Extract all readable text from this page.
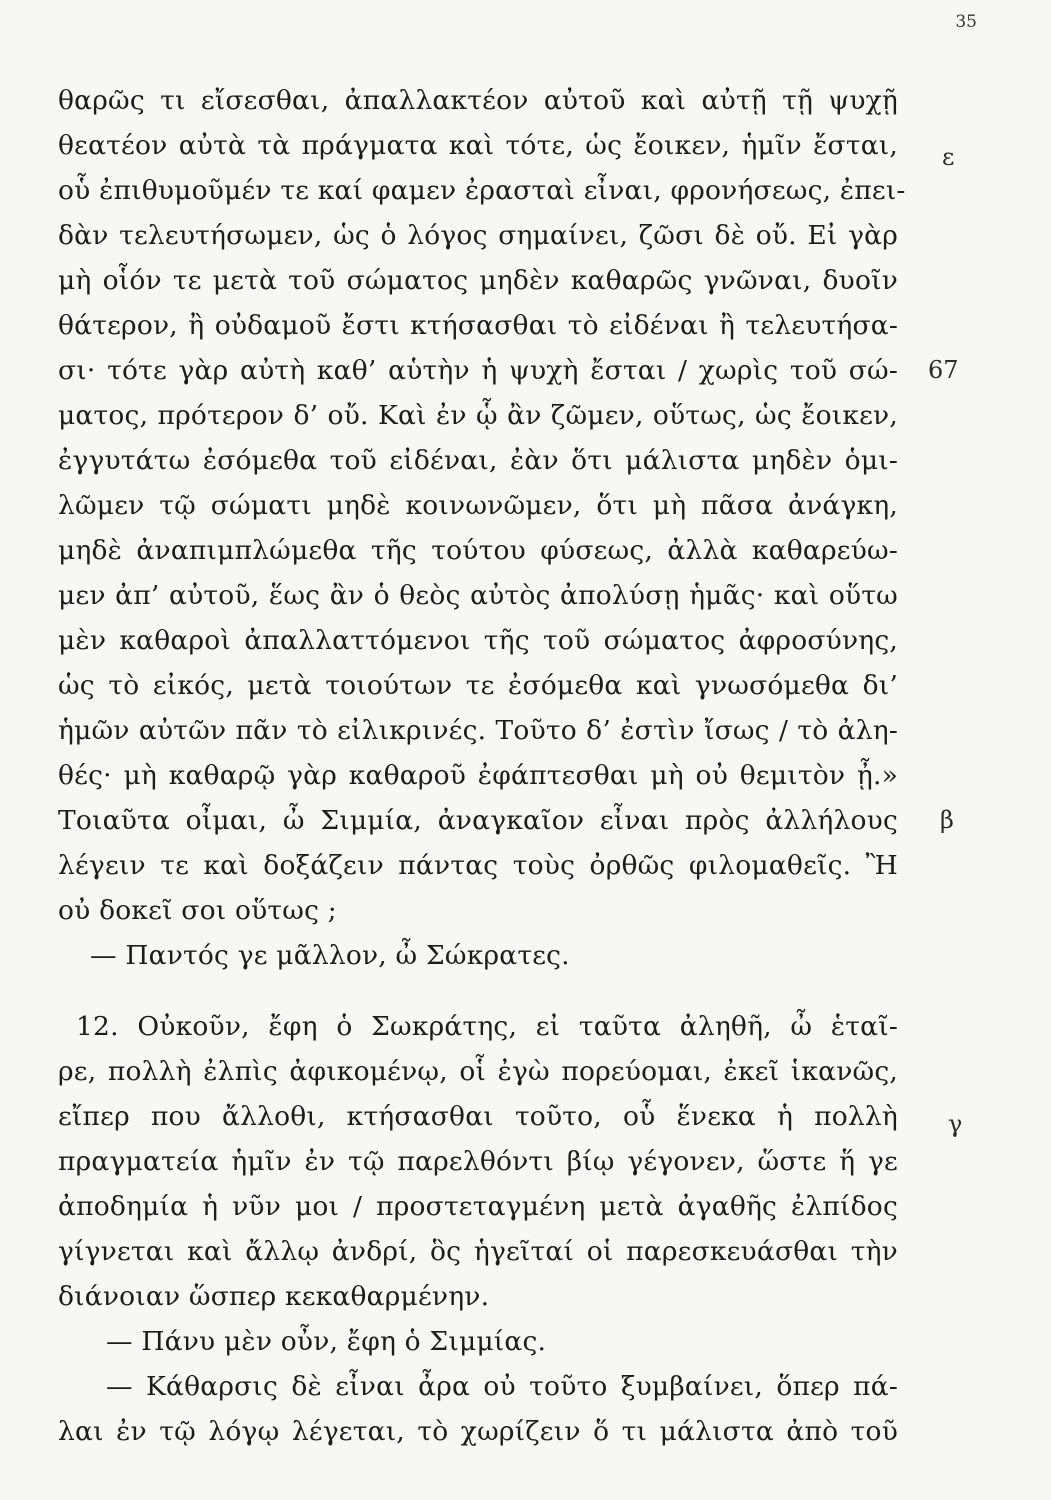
35
θαρῶς τι εἴσεσθαι, ἀπαλλακτέον αὐτοῦ καὶ αὐτῇ τῇ ψυχῇ
θεατέον αὐτὰ τὰ πράγματα καὶ τότε, ὡς ἔοικεν, ἡμῖν ἔσται,
οὗ ἐπιθυμοῦμέν τε καί φαμεν ἐρασταὶ εἶναι, φρονήσεως, ἐπει-
δὰν τελευτήσωμεν, ὡς ὁ λόγος σημαίνει, ζῶσι δὲ οὔ. Εἰ γὰρ
μὴ οἷόν τε μετὰ τοῦ σώματος μηδὲν καθαρῶς γνῶναι, δυοῖν
θάτερον, ἢ οὐδαμοῦ ἔστι κτήσασθαι τὸ εἰδέναι ἢ τελευτήσα-
σι· τότε γὰρ αὐτὴ καθ’ αὑτὴν ἡ ψυχὴ ἔσται / χωρὶς τοῦ σώ-
ματος, πρότερον δ’ οὔ. Καὶ ἐν ᾧ ἂν ζῶμεν, οὕτως, ὡς ἔοικεν,
ἐγγυτάτω ἐσόμεθα τοῦ εἰδέναι, ἐὰν ὅτι μάλιστα μηδὲν ὁμι-
λῶμεν τῷ σώματι μηδὲ κοινωνῶμεν, ὅτι μὴ πᾶσα ἀνάγκη,
μηδὲ ἀναπιμπλώμεθα τῆς τούτου φύσεως, ἀλλὰ καθαρεύω-
μεν ἀπ’ αὐτοῦ, ἕως ἂν ὁ θεὸς αὐτὸς ἀπολύσῃ ἡμᾶς· καὶ οὕτω
μὲν καθαροὶ ἀπαλλαττόμενοι τῆς τοῦ σώματος ἀφροσύνης,
ὡς τὸ εἰκός, μετὰ τοιούτων τε ἐσόμεθα καὶ γνωσόμεθα δι’
ἡμῶν αὐτῶν πᾶν τὸ εἰλικρινές. Τοῦτο δ’ ἐστὶν ἴσως / τὸ ἀλη-
θές· μὴ καθαρῷ γὰρ καθαροῦ ἐφάπτεσθαι μὴ οὐ θεμιτὸν ᾖ.»
Τοιαῦτα οἶμαι, ὦ Σιμμία, ἀναγκαῖον εἶναι πρὸς ἀλλήλους
λέγειν τε καὶ δοξάζειν πάντας τοὺς ὀρθῶς φιλομαθεῖς. Ἢ
οὐ δοκεῖ σοι οὕτως ;
— Παντός γε μᾶλλον, ὦ Σώκρατες.
12. Οὐκοῦν, ἔφη ὁ Σωκράτης, εἰ ταῦτα ἀληθῆ, ὦ ἑταῖ-
ρε, πολλὴ ἐλπὶς ἀφικομένῳ, οἷ ἐγὼ πορεύομαι, ἐκεῖ ἱκανῶς,
εἴπερ που ἄλλοθι, κτήσασθαι τοῦτο, οὗ ἕνεκα ἡ πολλὴ
πραγματεία ἡμῖν ἐν τῷ παρελθόντι βίῳ γέγονεν, ὥστε ἥ γε
ἀποδημία ἡ νῦν μοι / προστεταγμένη μετὰ ἀγαθῆς ἐλπίδος
γίγνεται καὶ ἄλλῳ ἀνδρί, ὃς ἡγεῖταί οἱ παρεσκευάσθαι τὴν
διάνοιαν ὥσπερ κεκαθαρμένην.
— Πάνυ μὲν οὖν, ἔφη ὁ Σιμμίας.
— Κάθαρσις δὲ εἶναι ἆρα οὐ τοῦτο ξυμβαίνει, ὅπερ πά-
λαι ἐν τῷ λόγῳ λέγεται, τὸ χωρίζειν ὅ τι μάλιστα ἀπὸ τοῦ
ε
67
β
γ
